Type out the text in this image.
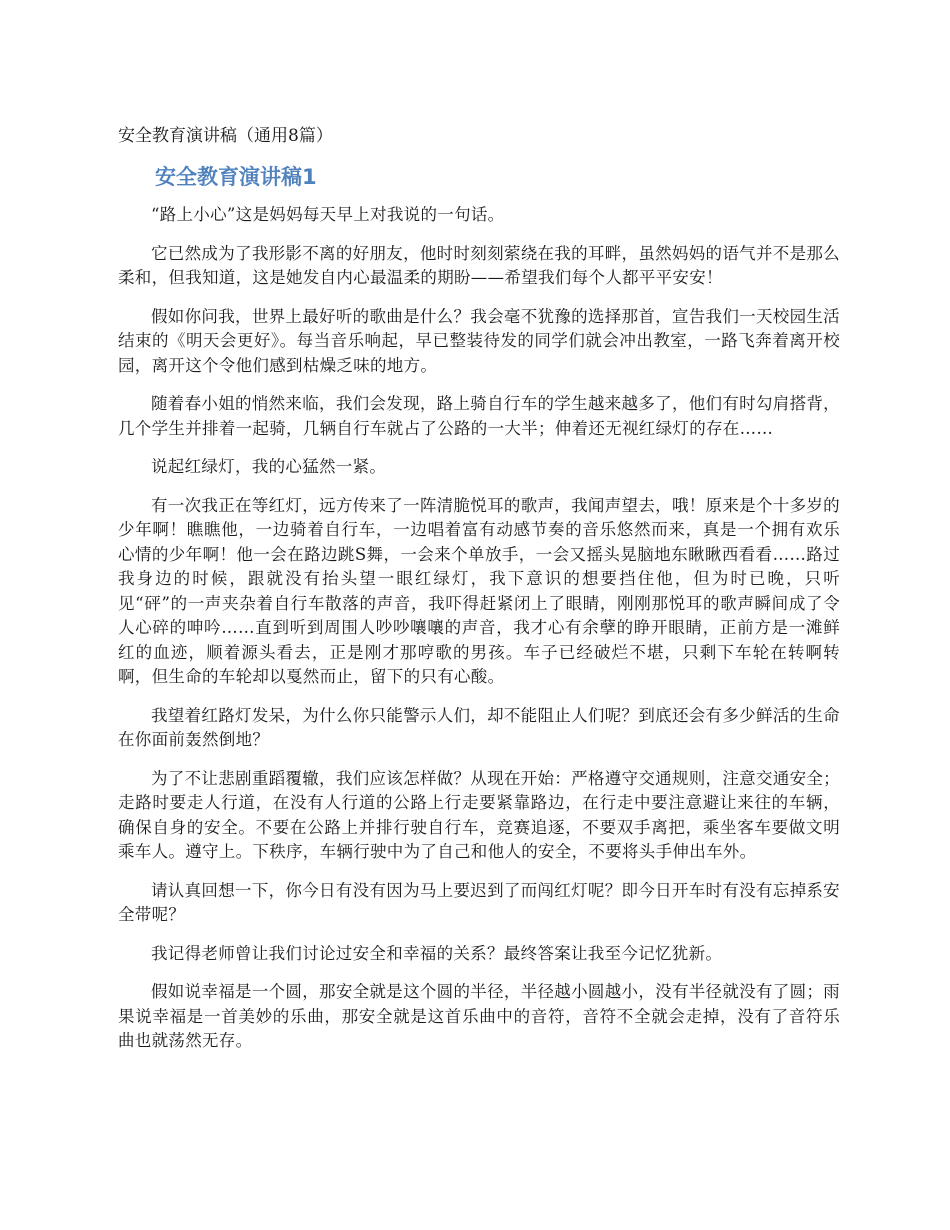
安全教育演讲稿（通用8篇）
安全教育演讲稿1

“路上小心”这是妈妈每天早上对我说的一句话。

它已然成为了我形影不离的好朋友，他时时刻刻萦绕在我的耳畔，虽然妈妈的语气并不是那么柔和，但我知道，这是她发自内心最温柔的期盼——希望我们每个人都平平安安！

假如你问我，世界上最好听的歌曲是什么？我会毫不犹豫的选择那首，宣告我们一天校园生活结束的《明天会更好》。每当音乐响起，早已整装待发的同学们就会冲出教室，一路飞奔着离开校园，离开这个令他们感到枯燥乏味的地方。

随着春小姐的悄然来临，我们会发现，路上骑自行车的学生越来越多了，他们有时勾肩搭背，几个学生并排着一起骑，几辆自行车就占了公路的一大半；伸着还无视红绿灯的存在……

说起红绿灯，我的心猛然一紧。

有一次我正在等红灯，远方传来了一阵清脆悦耳的歌声，我闻声望去，哦！原来是个十多岁的少年啊！瞧瞧他，一边骑着自行车，一边唱着富有动感节奏的音乐悠然而来，真是一个拥有欢乐心情的少年啊！他一会在路边跳S舞，一会来个单放手，一会又摇头晃脑地东瞅瞅西看看……路过我身边的时候，跟就没有抬头望一眼红绿灯，我下意识的想要挡住他，但为时已晚，只听见“砰”的一声夹杂着自行车散落的声音，我吓得赶紧闭上了眼睛，刚刚那悦耳的歌声瞬间成了令人心碎的呻吟……直到听到周围人吵吵嚷嚷的声音，我才心有余孽的睁开眼睛，正前方是一滩鲜红的血迹，顺着源头看去，正是刚才那哼歌的男孩。车子已经破烂不堪，只剩下车轮在转啊转啊，但生命的车轮却以戛然而止，留下的只有心酸。

我望着红路灯发呆，为什么你只能警示人们，却不能阻止人们呢？到底还会有多少鲜活的生命在你面前轰然倒地？

为了不让悲剧重蹈覆辙，我们应该怎样做？从现在开始：严格遵守交通规则，注意交通安全；走路时要走人行道，在没有人行道的公路上行走要紧靠路边，在行走中要注意避让来往的车辆，确保自身的安全。不要在公路上并排行驶自行车，竞赛追逐，不要双手离把，乘坐客车要做文明乘车人。遵守上。下秩序，车辆行驶中为了自己和他人的安全，不要将头手伸出车外。

请认真回想一下，你今日有没有因为马上要迟到了而闯红灯呢？即今日开车时有没有忘掉系安全带呢？

我记得老师曾让我们讨论过安全和幸福的关系？最终答案让我至今记忆犹新。

假如说幸福是一个圆，那安全就是这个圆的半径，半径越小圆越小，没有半径就没有了圆；雨果说幸福是一首美妙的乐曲，那安全就是这首乐曲中的音符，音符不全就会走掉，没有了音符乐曲也就荡然无存。
